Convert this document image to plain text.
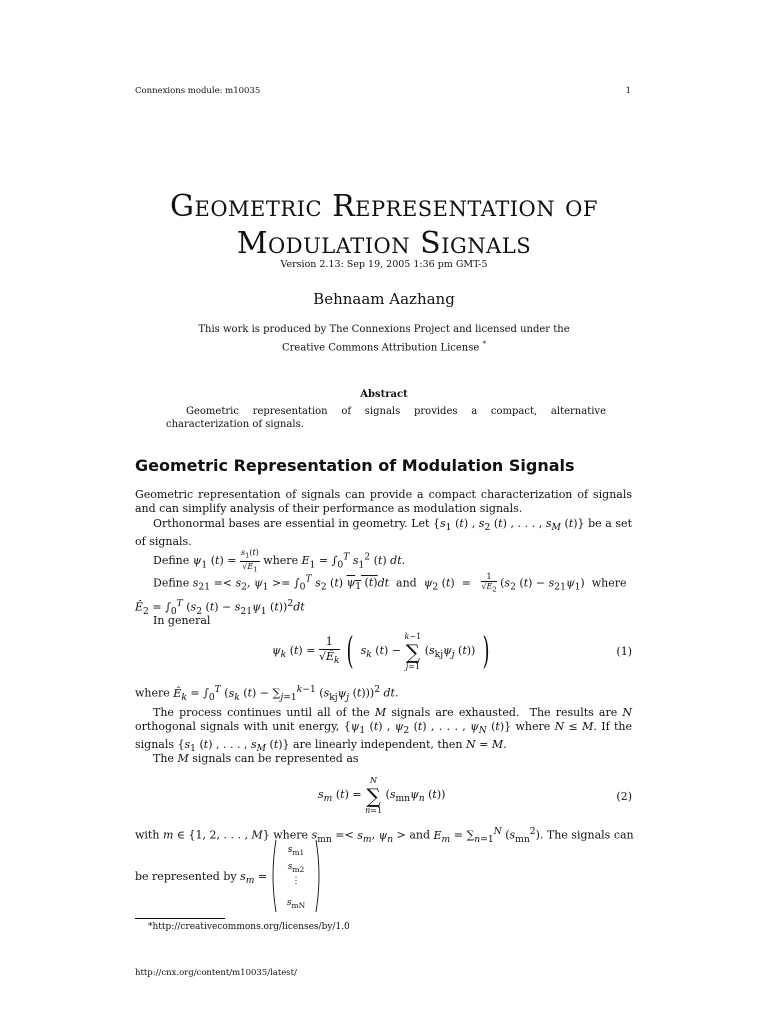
Connexions module: m10035	1
Geometric Representation of
Modulation Signals
Version 2.13: Sep 19, 2005 1:36 pm GMT-5
Behnaam Aazhang
This work is produced by The Connexions Project and licensed under the
Creative Commons Attribution License *
Abstract
Geometric representation of signals provides a compact, alternative characterization of signals.
Geometric Representation of Modulation Signals
Geometric representation of signals can provide a compact characterization of signals and can simplify analysis of their performance as modulation signals.
Orthonormal bases are essential in geometry. Let {$s_1$ (t) , $s_2$ (t) , . . . , $s_M$ (t)} be a set of signals.
Define $\psi_1$ $(t) = \frac{s_1(t)}{√E_1}$ where $E_1 = \int_0^T$ $s_1^2$ (t) dt.
Define $s_{21} =< s_2$, $\psi_1 >= \int_0^T$ $s_2$ (t) $\psi_1$ (t)dt and $\psi_2$ $(t) = \frac{1}{√Ê_2} (s_2$ $(t) - s_{21}\psi_1$)  where
$Ê_2 = \int_0^T$ ($s_2$ $(t) - s_{21}\psi_1$ (t))$^2$dt
In general
$\psi_k$ $(t) = \frac{1}{√Ê_k}$ ( $s_k$ (t) −
k−1
∑
j=1
($s_{kj}\psi_j$ (t)) )	(1)
where $Ê_k = \int_0^T$ ($s_k$ $(t) - \sum_{j=1}^{k-1}$ ($s_{kj}\psi_j$ (t)))$^2$ dt.
The process continues until all of the M signals are exhausted.  The results are N orthogonal signals with unit energy, {$\psi_1$ (t) , $\psi_2$ (t) , . . . , $\psi_N$ (t)} where N ≤ M. If the signals {$s_1$ (t) , . . . , $s_M$ (t)} are linearly independent, then N = M.
The M signals can be represented as
$s_m$ (t) =
N
∑
n=1
($s_{mn}\psi_n$ (t))	(2)
with m ∈ {1, 2, . . . , M} where $s_{mn} =< s_m$, $\psi_n$ > and $E_m = \sum_{n=1}^N$ $(s_{mn}^2)$. The signals can
be represented by $s_m$ =
$s_{m1}$
$s_{m2}$
⋮
$s_{mN}$
*http://creativecommons.org/licenses/by/1.0
http://cnx.org/content/m10035/latest/
